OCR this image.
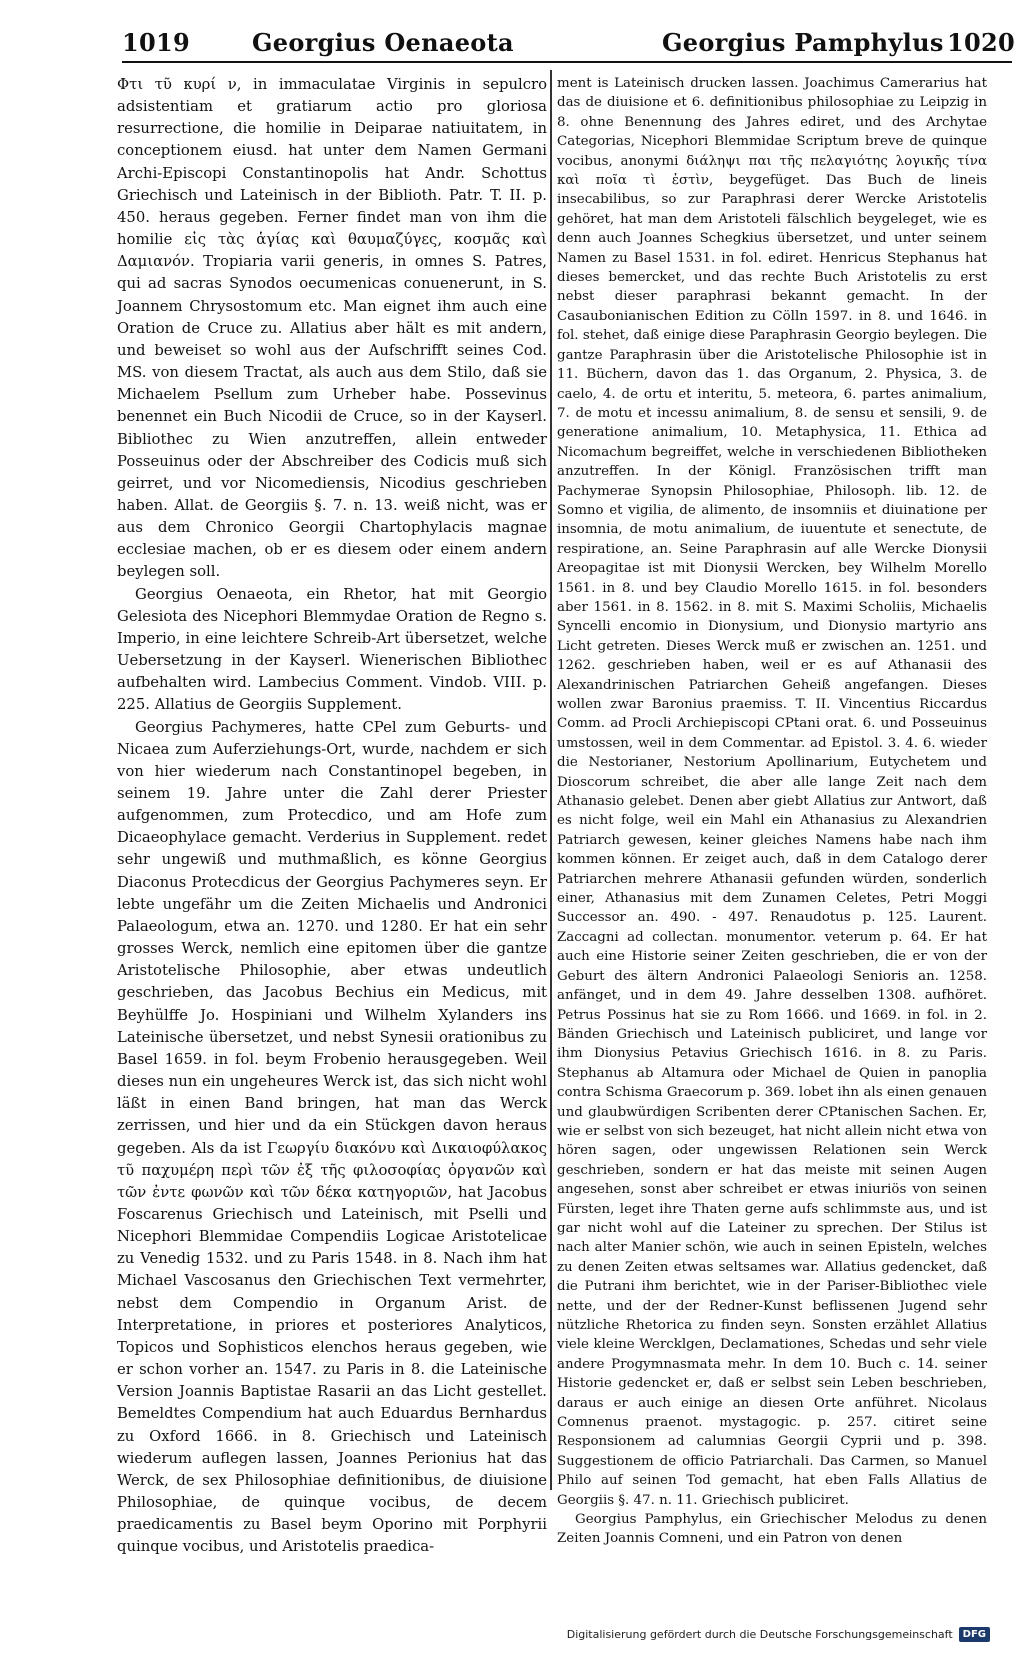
1019	Georgius Oenaeota	Georgius Pamphylus 1020

Φτι τῦ κυρί ν, in immaculatae Virginis in sepulcro adsistentiam et gratiarum actio pro gloriosa resurrectione, die homilie in Deiparae natiuitatem, in conceptionem eiusd. hat unter dem Namen Germani Archi-Episcopi Constantinopolis hat Andr. Schottus Griechisch und Lateinisch in der Biblioth. Patr. T. II. p. 450. heraus gegeben. Ferner findet man von ihm die homilie εἰς τὰς ἁγίας καὶ θαυμαζύγες, κοσμᾶς καὶ Δαμιανόν. Tropiaria varii generis, in omnes S. Patres, qui ad sacras Synodos oecumenicas conuenerunt, in S. Joannem Chrysostomum etc. Man eignet ihm auch eine Oration de Cruce zu. Allatius aber hält es mit andern, und beweiset so wohl aus der Aufschrifft seines Cod. MS. von diesem Tractat, als auch aus dem Stilo, daß sie Michaelem Psellum zum Urheber habe. Possevinus benennet ein Buch Nicodii de Cruce, so in der Kayserl. Bibliothec zu Wien anzutreffen, allein entweder Posseuinus oder der Abschreiber des Codicis muß sich geirret, und vor Nicomediensis, Nicodius geschrieben haben. Allat. de Georgiis §. 7. n. 13. weiß nicht, was er aus dem Chronico Georgii Chartophylacis magnae ecclesiae machen, ob er es diesem oder einem andern beylegen soll.

Georgius Oenaeota, ein Rhetor, hat mit Georgio Gelesiota des Nicephori Blemmydae Oration de Regno s. Imperio, in eine leichtere Schreib-Art übersetzet, welche Uebersetzung in der Kayserl. Wienerischen Bibliothec aufbehalten wird. Lambecius Comment. Vindob. VIII. p. 225. Allatius de Georgiis Supplement.

Georgius Pachymeres, hatte CPel zum Geburts- und Nicaea zum Auferziehungs-Ort, wurde, nachdem er sich von hier wiederum nach Constantinopel begeben, in seinem 19. Jahre unter die Zahl derer Priester aufgenommen, zum Protecdico, und am Hofe zum Dicaeophylace gemacht. Verderius in Supplement. redet sehr ungewiß und muthmaßlich, es könne Georgius Diaconus Protecdicus der Georgius Pachymeres seyn. Er lebte ungefähr um die Zeiten Michaelis und Andronici Palaeologum, etwa an. 1270. und 1280. Er hat ein sehr grosses Werck, nemlich eine epitomen über die gantze Aristotelische Philosophie, aber etwas undeutlich geschrieben, das Jacobus Bechius ein Medicus, mit Beyhülffe Jo. Hospiniani und Wilhelm Xylanders ins Lateinische übersetzet, und nebst Synesii orationibus zu Basel 1659. in fol. beym Frobenio herausgegeben. Weil dieses nun ein ungeheures Werck ist, das sich nicht wohl läßt in einen Band bringen, hat man das Werck zerrissen, und hier und da ein Stückgen davon heraus gegeben. Als da ist Γεωργίυ διακόνυ καὶ Δικαιοφύλακος τῦ παχυμέρη περὶ τῶν ἐξ τῆς φιλοσοφίας ὀργανῶν καὶ τῶν ἐντε φωνῶν καὶ τῶν δέκα κατηγοριῶν, hat Jacobus Foscarenus Griechisch und Lateinisch, mit Pselli und Nicephori Blemmidae Compendiis Logicae Aristotelicae zu Venedig 1532. und zu Paris 1548. in 8. Nach ihm hat Michael Vascosanus den Griechischen Text vermehrter, nebst dem Compendio in Organum Arist. de Interpretatione, in priores et posteriores Analyticos, Topicos und Sophisticos elenchos heraus gegeben, wie er schon vorher an. 1547. zu Paris in 8. die Lateinische Version Joannis Baptistae Rasarii an das Licht gestellet. Bemeldtes Compendium hat auch Eduardus Bernhardus zu Oxford 1666. in 8. Griechisch und Lateinisch wiederum auflegen lassen, Joannes Perionius hat das Werck, de sex Philosophiae definitionibus, de diuisione Philosophiae, de quinque vocibus, de decem praedicamentis zu Basel beym Oporino mit Porphyrii quinque vocibus, und Aristotelis praedica-

ment is Lateinisch drucken lassen. Joachimus Camerarius hat das de diuisione et 6. definitionibus philosophiae zu Leipzig in 8. ohne Benennung des Jahres ediret, und des Archytae Categorias, Nicephori Blemmidae Scriptum breve de quinque vocibus, anonymi διάληψι παι τῆς πελαγιότης λογικῆς τίνα καὶ ποῖα τὶ ἐστὶν, beygefüget. Das Buch de lineis insecabilibus, so zur Paraphrasi derer Wercke Aristotelis gehöret, hat man dem Aristoteli fälschlich beygeleget, wie es denn auch Joannes Schegkius übersetzet, und unter seinem Namen zu Basel 1531. in fol. ediret. Henricus Stephanus hat dieses bemercket, und das rechte Buch Aristotelis zu erst nebst dieser paraphrasi bekannt gemacht. In der Casaubonianischen Edition zu Cölln 1597. in 8. und 1646. in fol. stehet, daß einige diese Paraphrasin Georgio beylegen. Die gantze Paraphrasin über die Aristotelische Philosophie ist in 11. Büchern, davon das 1. das Organum, 2. Physica, 3. de caelo, 4. de ortu et interitu, 5. meteora, 6. partes animalium, 7. de motu et incessu animalium, 8. de sensu et sensili, 9. de generatione animalium, 10. Metaphysica, 11. Ethica ad Nicomachum begreiffet, welche in verschiedenen Bibliotheken anzutreffen. In der Königl. Französischen trifft man Pachymerae Synopsin Philosophiae, Philosoph. lib. 12. de Somno et vigilia, de alimento, de insomniis et diuinatione per insomnia, de motu animalium, de iuuentute et senectute, de respiratione, an. Seine Paraphrasin auf alle Wercke Dionysii Areopagitae ist mit Dionysii Wercken, bey Wilhelm Morello 1561. in 8. und bey Claudio Morello 1615. in fol. besonders aber 1561. in 8. 1562. in 8. mit S. Maximi Scholiis, Michaelis Syncelli encomio in Dionysium, und Dionysio martyrio ans Licht getreten. Dieses Werck muß er zwischen an. 1251. und 1262. geschrieben haben, weil er es auf Athanasii des Alexandrinischen Patriarchen Geheiß angefangen. Dieses wollen zwar Baronius praemiss. T. II. Vincentius Riccardus Comm. ad Procli Archiepiscopi CPtani orat. 6. und Posseuinus umstossen, weil in dem Commentar. ad Epistol. 3. 4. 6. wieder die Nestorianer, Nestorium Apollinarium, Eutychetem und Dioscorum schreibet, die aber alle lange Zeit nach dem Athanasio gelebet. Denen aber giebt Allatius zur Antwort, daß es nicht folge, weil ein Mahl ein Athanasius zu Alexandrien Patriarch gewesen, keiner gleiches Namens habe nach ihm kommen können. Er zeiget auch, daß in dem Catalogo derer Patriarchen mehrere Athanasii gefunden würden, sonderlich einer, Athanasius mit dem Zunamen Celetes, Petri Moggi Successor an. 490. - 497. Renaudotus p. 125. Laurent. Zaccagni ad collectan. monumentor. veterum p. 64. Er hat auch eine Historie seiner Zeiten geschrieben, die er von der Geburt des ältern Andronici Palaeologi Senioris an. 1258. anfänget, und in dem 49. Jahre desselben 1308. aufhöret. Petrus Possinus hat sie zu Rom 1666. und 1669. in fol. in 2. Bänden Griechisch und Lateinisch publiciret, und lange vor ihm Dionysius Petavius Griechisch 1616. in 8. zu Paris. Stephanus ab Altamura oder Michael de Quien in panoplia contra Schisma Graecorum p. 369. lobet ihn als einen genauen und glaubwürdigen Scribenten derer CPtanischen Sachen. Er, wie er selbst von sich bezeuget, hat nicht allein nicht etwa von hören sagen, oder ungewissen Relationen sein Werck geschrieben, sondern er hat das meiste mit seinen Augen angesehen, sonst aber schreibet er etwas iniuriös von seinen Fürsten, leget ihre Thaten gerne aufs schlimmste aus, und ist gar nicht wohl auf die Lateiner zu sprechen. Der Stilus ist nach alter Manier schön, wie auch in seinen Episteln, welches zu denen Zeiten etwas seltsames war. Allatius gedencket, daß die Putrani ihm berichtet, wie in der Pariser-Bibliothec viele nette, und der der Redner-Kunst beflissenen Jugend sehr nützliche Rhetorica zu finden seyn. Sonsten erzählet Allatius viele kleine Wercklgen, Declamationes, Schedas und sehr viele andere Progymnasmata mehr. In dem 10. Buch c. 14. seiner Historie gedencket er, daß er selbst sein Leben beschrieben, daraus er auch einige an diesen Orte anführet. Nicolaus Comnenus praenot. mystagogic. p. 257. citiret seine Responsionem ad calumnias Georgii Cyprii und p. 398. Suggestionem de officio Patriarchali. Das Carmen, so Manuel Philo auf seinen Tod gemacht, hat eben Falls Allatius de Georgiis §. 47. n. 11. Griechisch publiciret.

Georgius Pamphylus, ein Griechischer Melodus zu denen Zeiten Joannis Comneni, und ein Patron von denen

Digitalisierung gefördert durch die Deutsche Forschungsgemeinschaft	DFG
